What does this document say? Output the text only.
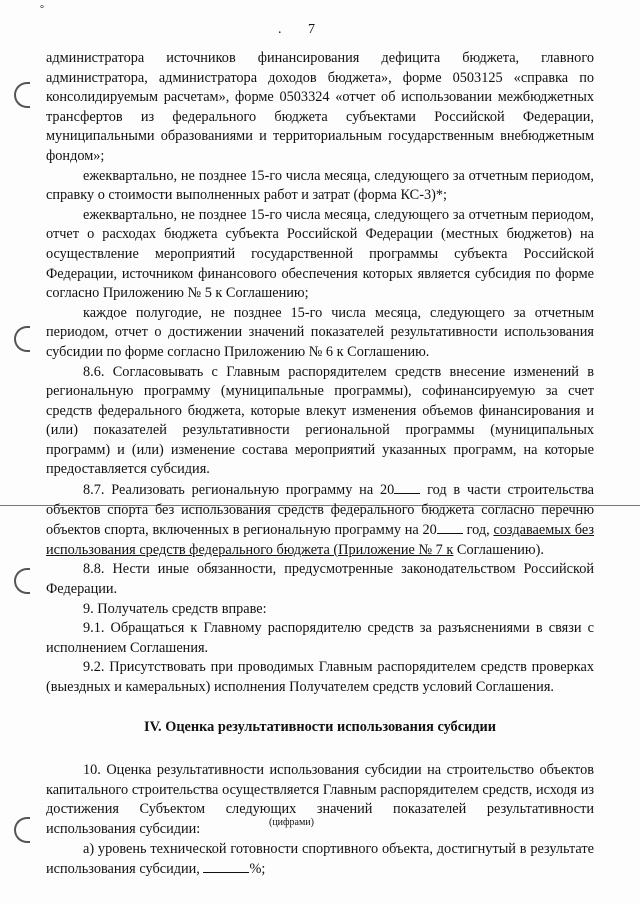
°
. 7

администратора источников финансирования дефицита бюджета, главного администратора, администратора доходов бюджета», форме 0503125 «справка по консолидируемым расчетам», форме 0503324 «отчет об использовании межбюджетных трансфертов из федерального бюджета субъектами Российской Федерации, муниципальными образованиями и территориальным государственным внебюджетным фондом»;

ежеквартально, не позднее 15-го числа месяца, следующего за отчетным периодом, справку о стоимости выполненных работ и затрат (форма КС-3)*;

ежеквартально, не позднее 15-го числа месяца, следующего за отчетным периодом, отчет о расходах бюджета субъекта Российской Федерации (местных бюджетов) на осуществление мероприятий государственной программы субъекта Российской Федерации, источником финансового обеспечения которых является субсидия по форме согласно Приложению № 5 к Соглашению;

каждое полугодие, не позднее 15-го числа месяца, следующего за отчетным периодом, отчет о достижении значений показателей результативности использования субсидии по форме согласно Приложению № 6 к Соглашению.

8.6. Согласовывать с Главным распорядителем средств внесение изменений в региональную программу (муниципальные программы), софинансируемую за счет средств федерального бюджета, которые влекут изменения объемов финансирования и (или) показателей результативности региональной программы (муниципальных программ) и (или) изменение состава мероприятий указанных программ, на которые предоставляется субсидия.

8.7. Реализовать региональную программу на 20 год в части строительства объектов спорта без использования средств федерального бюджета согласно перечню объектов спорта, включенных в региональную программу на 20 год, создаваемых без использования средств федерального бюджета (Приложение № 7 к Соглашению).

8.8. Нести иные обязанности, предусмотренные законодательством Российской Федерации.

9. Получатель средств вправе:

9.1. Обращаться к Главному распорядителю средств за разъяснениями в связи с исполнением Соглашения.

9.2. Присутствовать при проводимых Главным распорядителем средств проверках (выездных и камеральных) исполнения Получателем средств условий Соглашения.

IV. Оценка результативности использования субсидии

10. Оценка результативности использования субсидии на строительство объектов капитального строительства осуществляется Главным распорядителем средств, исходя из достижения Субъектом следующих значений показателей результативности использования субсидии:

а) уровень технической готовности спортивного объекта, достигнутый в результате использования субсидии,	%;

(цифрами)
